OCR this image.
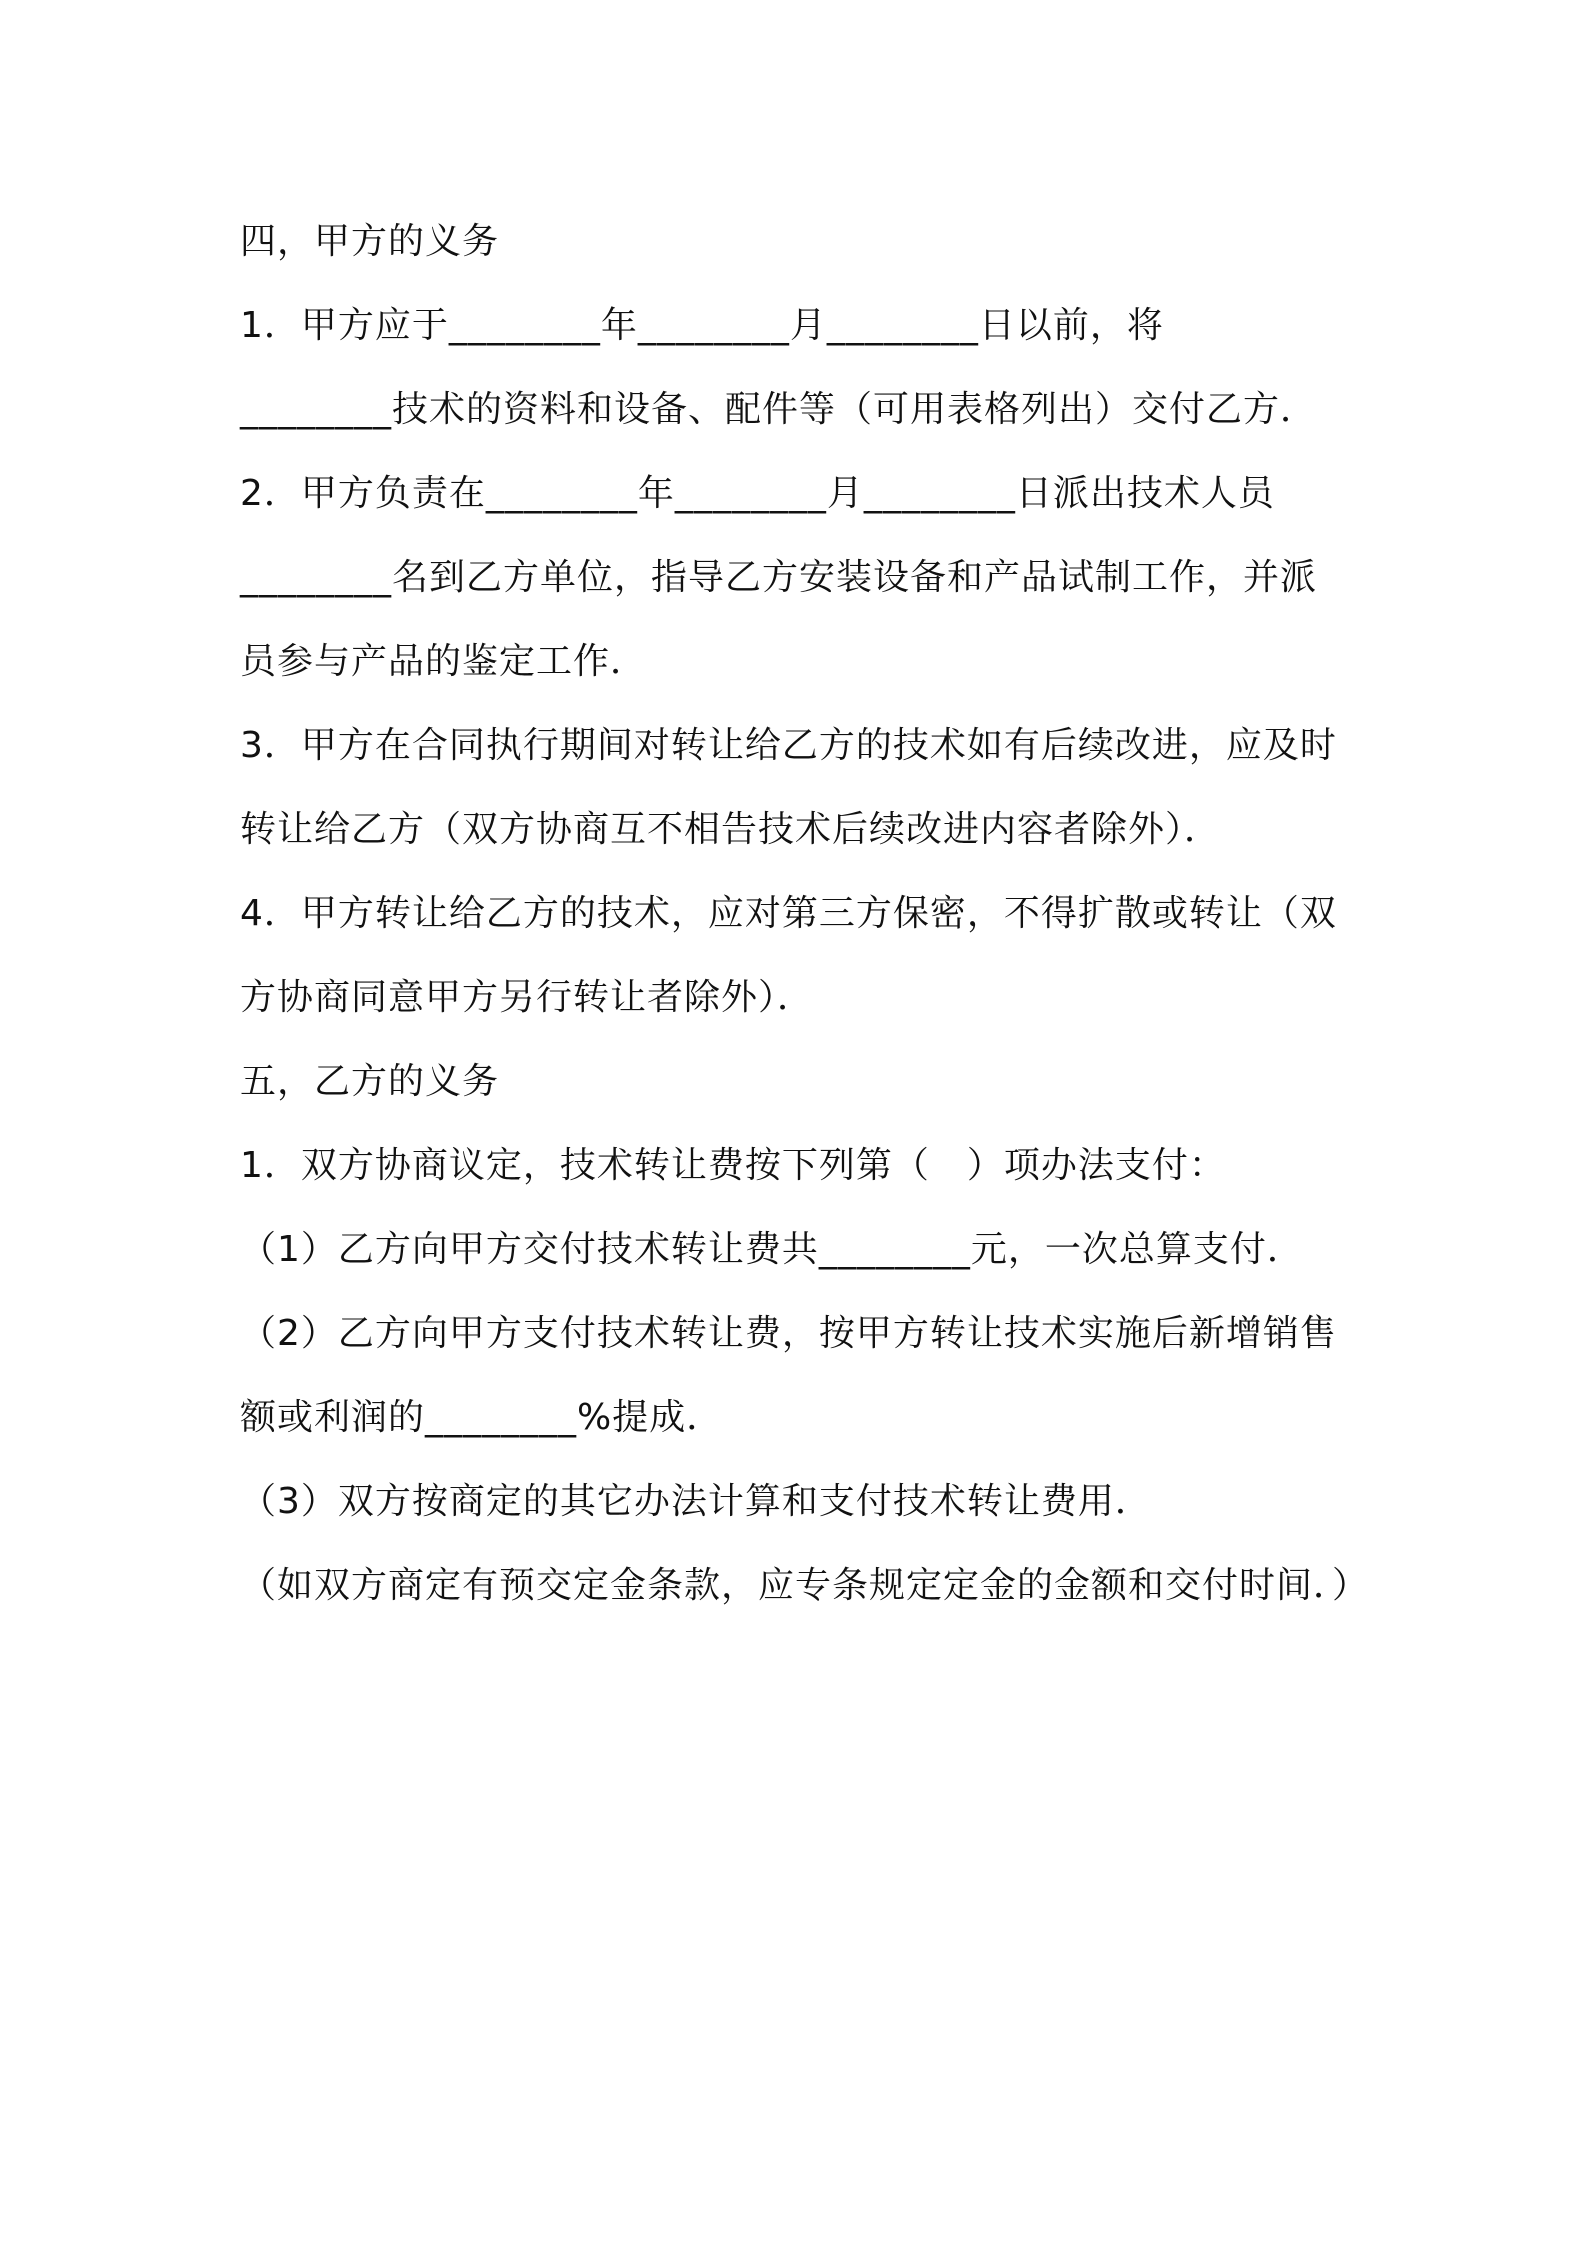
四，甲方的义务
1．甲方应于________年________月________日以前，将
________技术的资料和设备、配件等（可用表格列出）交付乙方．
2．甲方负责在________年________月________日派出技术人员
________名到乙方单位，指导乙方安装设备和产品试制工作，并派
员参与产品的鉴定工作．
3．甲方在合同执行期间对转让给乙方的技术如有后续改进，应及时
转让给乙方（双方协商互不相告技术后续改进内容者除外）．
4．甲方转让给乙方的技术，应对第三方保密，不得扩散或转让（双
方协商同意甲方另行转让者除外）．
五，乙方的义务
1．双方协商议定，技术转让费按下列第（　）项办法支付：
（1）乙方向甲方交付技术转让费共________元，一次总算支付．
（2）乙方向甲方支付技术转让费，按甲方转让技术实施后新增销售
额或利润的________%提成．
（3）双方按商定的其它办法计算和支付技术转让费用．
（如双方商定有预交定金条款，应专条规定定金的金额和交付时间．）
